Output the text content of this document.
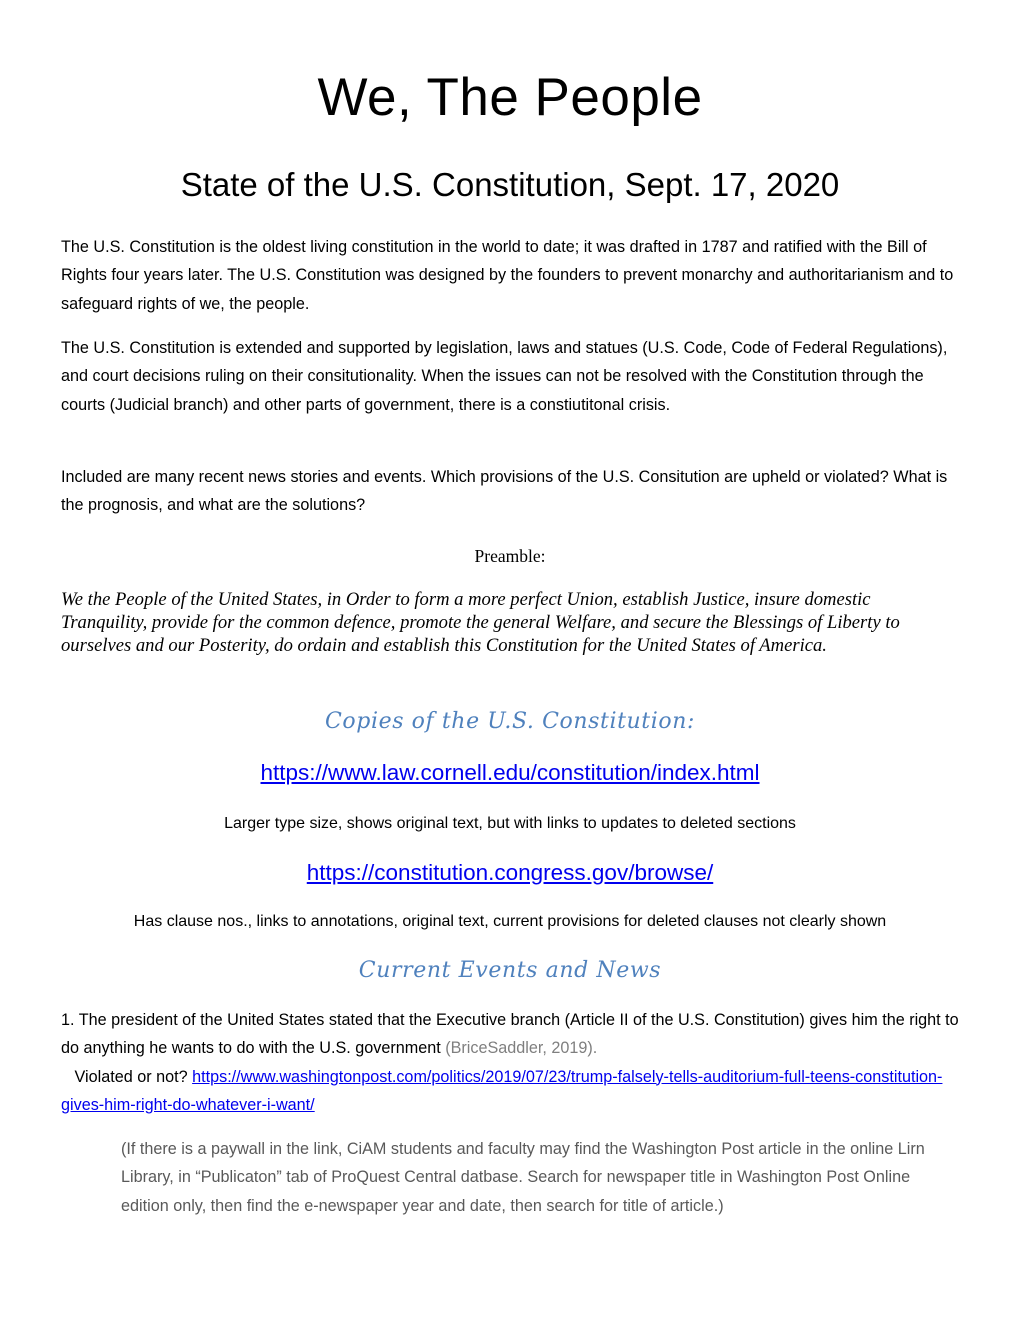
We, The People
State of the U.S. Constitution, Sept. 17, 2020

The U.S. Constitution is the oldest living constitution in the world to date; it was drafted in 1787 and ratified with the Bill of Rights four years later. The U.S. Constitution was designed by the founders to prevent monarchy and authoritarianism and to safeguard rights of we, the people.

The U.S. Constitution is extended and supported by legislation, laws and statues (U.S. Code, Code of Federal Regulations), and court decisions ruling on their consitutionality. When the issues can not be resolved with the Constitution through the courts (Judicial branch) and other parts of government, there is a constiutitonal crisis.

Included are many recent news stories and events. Which provisions of the U.S. Consitution are upheld or violated? What is the prognosis, and what are the solutions?

Preamble:

We the People of the United States, in Order to form a more perfect Union, establish Justice, insure domestic Tranquility, provide for the common defence, promote the general Welfare, and secure the Blessings of Liberty to ourselves and our Posterity, do ordain and establish this Constitution for the United States of America.

Copies of the U.S. Constitution:

https://www.law.cornell.edu/constitution/index.html

Larger type size, shows original text, but with links to updates to deleted sections

https://constitution.congress.gov/browse/

Has clause nos., links to annotations, original text, current provisions for deleted clauses not clearly shown

Current Events and News

1. The president of the United States stated that the Executive branch (Article II of the U.S. Constitution) gives him the right to do anything he wants to do with the U.S. government (BriceSaddler, 2019).   Violated or not? https://www.washingtonpost.com/politics/2019/07/23/trump-falsely-tells-auditorium-full-teens-constitution-gives-him-right-do-whatever-i-want/

(If there is a paywall in the link, CiAM students and faculty may find the Washington Post article in the online Lirn Library, in “Publicaton” tab of ProQuest Central datbase. Search for newspaper title in Washington Post Online edition only, then find the e-newspaper year and date, then search for title of article.)
